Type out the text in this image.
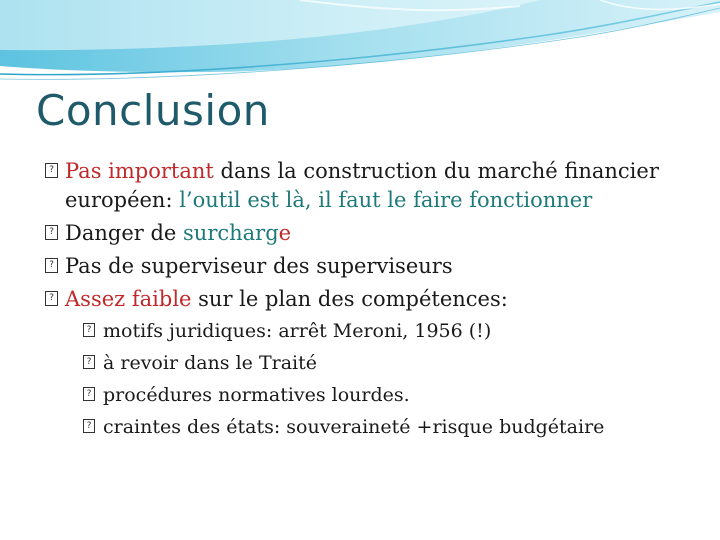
Conclusion
? Pas important dans la construction du marché financier européen: l’outil est là, il faut le faire fonctionner
? Danger de surcharge
? Pas de superviseur des superviseurs
? Assez faible sur le plan des compétences:
? motifs juridiques: arrêt Meroni, 1956 (!)
? à revoir dans le Traité
? procédures normatives lourdes.
? craintes des états: souveraineté +risque budgétaire
